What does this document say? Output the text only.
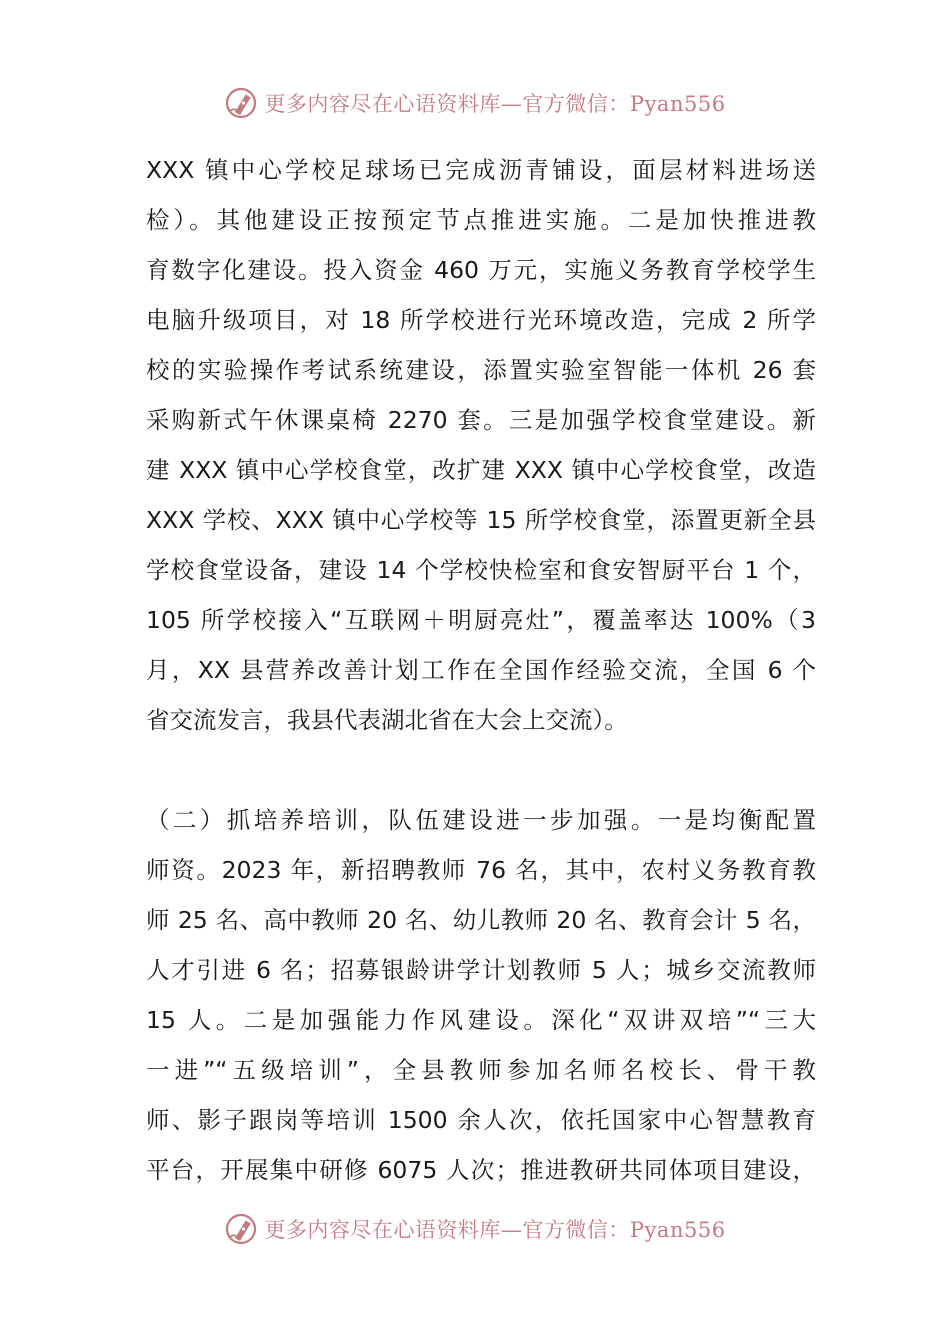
更多内容尽在心语资料库—官方微信：Pyan556
XXX 镇中心学校足球场已完成沥青铺设，面层材料进场送
检）。其他建设正按预定节点推进实施。二是加快推进教
育数字化建设。投入资金 460 万元，实施义务教育学校学生
电脑升级项目，对 18 所学校进行光环境改造，完成 2 所学
校的实验操作考试系统建设，添置实验室智能一体机 26 套
采购新式午休课桌椅 2270 套。三是加强学校食堂建设。新
建 XXX 镇中心学校食堂，改扩建 XXX 镇中心学校食堂，改造
XXX 学校、XXX 镇中心学校等 15 所学校食堂，添置更新全县
学校食堂设备，建设 14 个学校快检室和食安智厨平台 1 个，
105 所学校接入“互联网＋明厨亮灶”，覆盖率达 100%（3
月，XX 县营养改善计划工作在全国作经验交流，全国 6 个
省交流发言，我县代表湖北省在大会上交流）。
（二）抓培养培训，队伍建设进一步加强。一是均衡配置
师资。2023 年，新招聘教师 76 名，其中，农村义务教育教
师 25 名、高中教师 20 名、幼儿教师 20 名、教育会计 5 名，
人才引进 6 名；招募银龄讲学计划教师 5 人；城乡交流教师
15 人。二是加强能力作风建设。深化“双讲双培”“三大
一进”“五级培训”，全县教师参加名师名校长、骨干教
师、影子跟岗等培训 1500 余人次，依托国家中心智慧教育
平台，开展集中研修 6075 人次；推进教研共同体项目建设，
更多内容尽在心语资料库—官方微信：Pyan556
